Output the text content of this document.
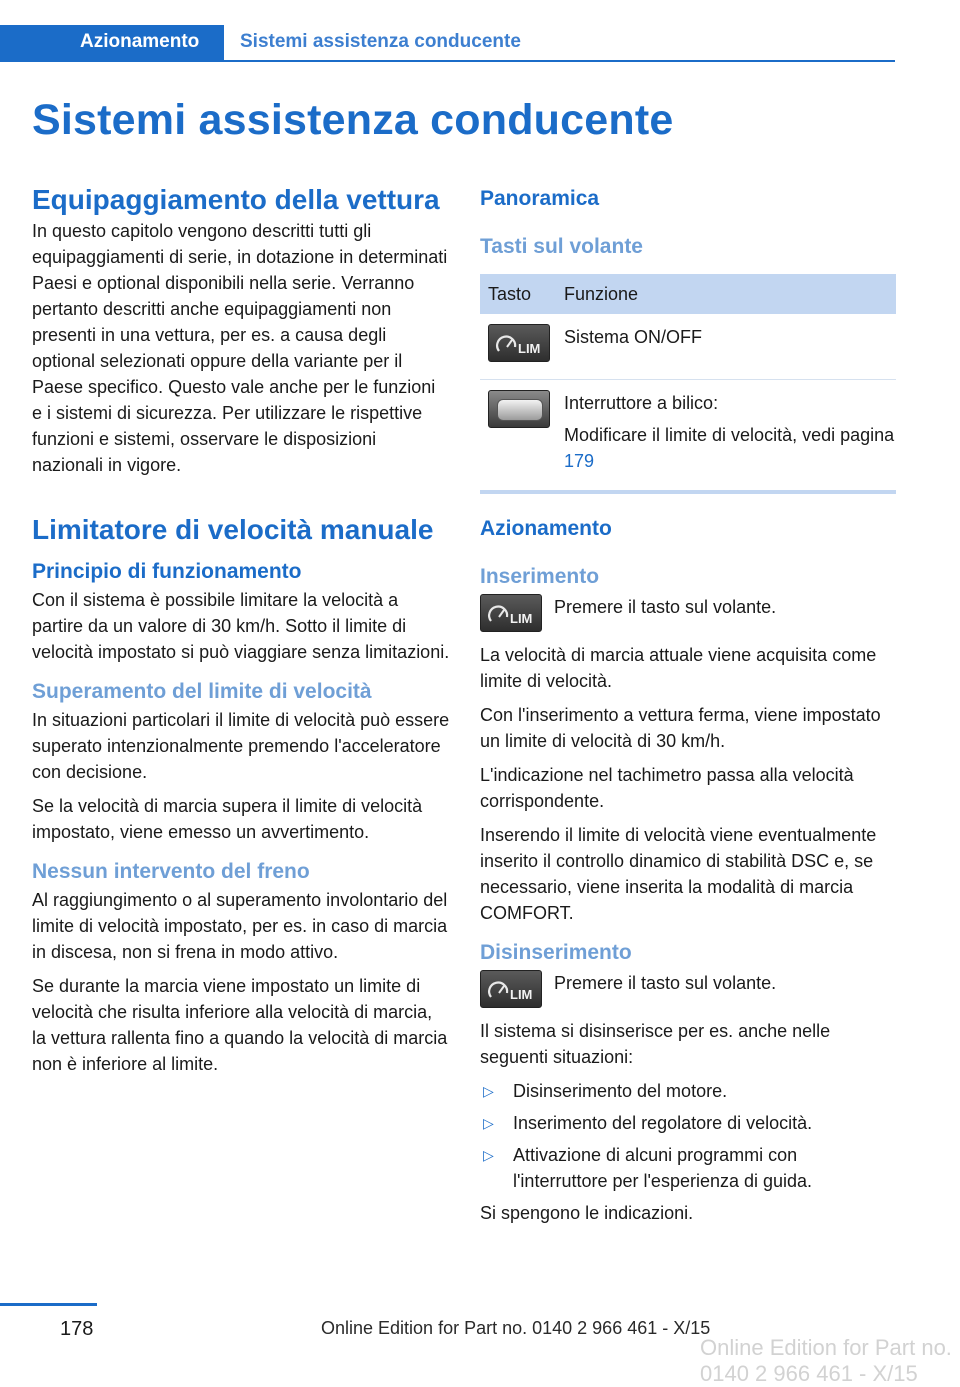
Azionamento	Sistemi assistenza conducente
Sistemi assistenza conducente
Equipaggiamento della vettura

In questo capitolo vengono descritti tutti gli equipaggiamenti di serie, in dotazione in determinati Paesi e optional disponibili nella serie. Verranno pertanto descritti anche equipaggiamenti non presenti in una vettura, per es. a causa degli optional selezionati oppure della variante per il Paese specifico. Questo vale anche per le funzioni e i sistemi di sicurezza. Per utilizzare le rispettive funzioni e sistemi, osservare le disposizioni nazionali in vigore.

Limitatore di velocità manuale
Principio di funzionamento

Con il sistema è possibile limitare la velocità a partire da un valore di 30 km/h. Sotto il limite di velocità impostato si può viaggiare senza limitazioni.

Superamento del limite di velocità

In situazioni particolari il limite di velocità può essere superato intenzionalmente premendo l'acceleratore con decisione.

Se la velocità di marcia supera il limite di velocità impostato, viene emesso un avvertimento.

Nessun intervento del freno

Al raggiungimento o al superamento involontario del limite di velocità impostato, per es. in caso di marcia in discesa, non si frena in modo attivo.

Se durante la marcia viene impostato un limite di velocità che risulta inferiore alla velocità di marcia, la vettura rallenta fino a quando la velocità di marcia non è inferiore al limite.

Panoramica
Tasti sul volante
Tasto	Funzione

LIM	Sistema ON/OFF

	Interruttore a bilico:

Modificare il limite di velocità, vedi pagina 179

Azionamento
Inserimento
LIM

Premere il tasto sul volante.

La velocità di marcia attuale viene acquisita come limite di velocità.

Con l'inserimento a vettura ferma, viene impostato un limite di velocità di 30 km/h.

L'indicazione nel tachimetro passa alla velocità corrispondente.

Inserendo il limite di velocità viene eventualmente inserito il controllo dinamico di stabilità DSC e, se necessario, viene inserita la modalità di marcia COMFORT.

Disinserimento
LIM

Premere il tasto sul volante.

Il sistema si disinserisce per es. anche nelle seguenti situazioni:

▷ Disinserimento del motore.
▷ Inserimento del regolatore di velocità.
▷ Attivazione di alcuni programmi con l'interruttore per l'esperienza di guida.

Si spengono le indicazioni.

178	Online Edition for Part no. 0140 2 966 461 - X/15
Online Edition for Part no. 0140 2 966 461 - X/15
